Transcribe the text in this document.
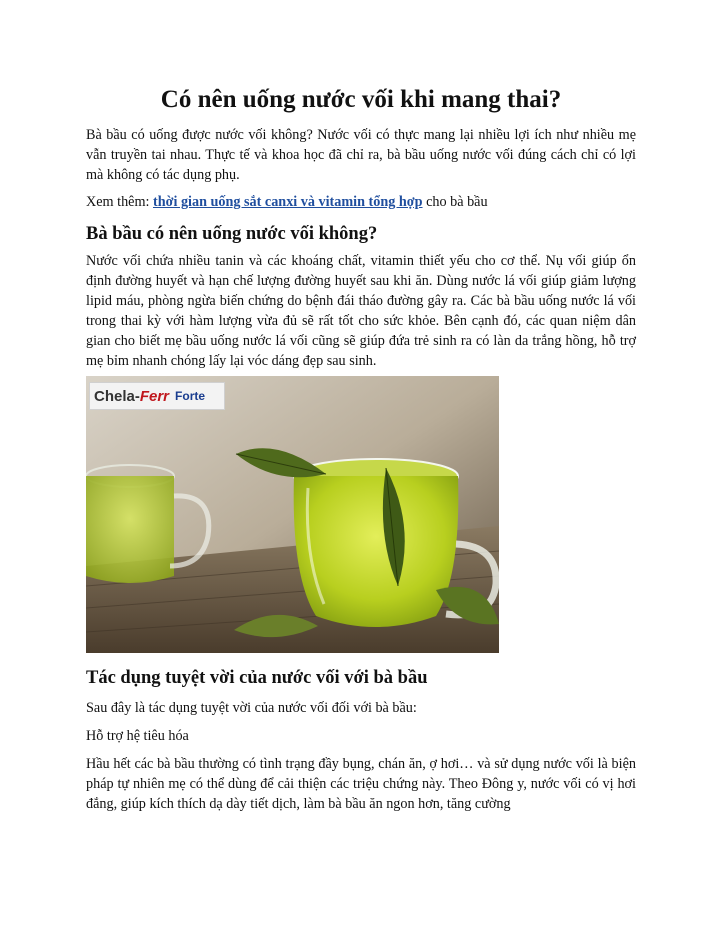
Có nên uống nước vối khi mang thai?

Bà bầu có uống được nước vối không? Nước vối có thực mang lại nhiều lợi ích như nhiều mẹ vẫn truyền tai nhau. Thực tế và khoa học đã chỉ ra, bà bầu uống nước vối đúng cách chỉ có lợi mà không có tác dụng phụ.

Xem thêm: thời gian uống sắt canxi và vitamin tổng hợp cho bà bầu

Bà bầu có nên uống nước vối không?

Nước vối chứa nhiều tanin và các khoáng chất, vitamin thiết yếu cho cơ thể. Nụ vối giúp ổn định đường huyết và hạn chế lượng đường huyết sau khi ăn. Dùng nước lá vối giúp giảm lượng lipid máu, phòng ngừa biến chứng do bệnh đái tháo đường gây ra. Các bà bầu uống nước lá vối trong thai kỳ với hàm lượng vừa đủ sẽ rất tốt cho sức khỏe. Bên cạnh đó, các quan niệm dân gian cho biết mẹ bầu uống nước lá vối cũng sẽ giúp đứa trẻ sinh ra có làn da trắng hồng, hỗ trợ mẹ bỉm nhanh chóng lấy lại vóc dáng đẹp sau sinh.

Chela- Ferr Forte
Tác dụng tuyệt vời của nước vối với bà bầu

Sau đây là tác dụng tuyệt vời của nước vối đối với bà bầu:

Hỗ trợ hệ tiêu hóa

Hầu hết các bà bầu thường có tình trạng đầy bụng, chán ăn, ợ hơi… và sử dụng nước vối là biện pháp tự nhiên mẹ có thể dùng để cải thiện các triệu chứng này. Theo Đông y, nước vối có vị hơi đắng, giúp kích thích dạ dày tiết dịch, làm bà bầu ăn ngon hơn, tăng cường
